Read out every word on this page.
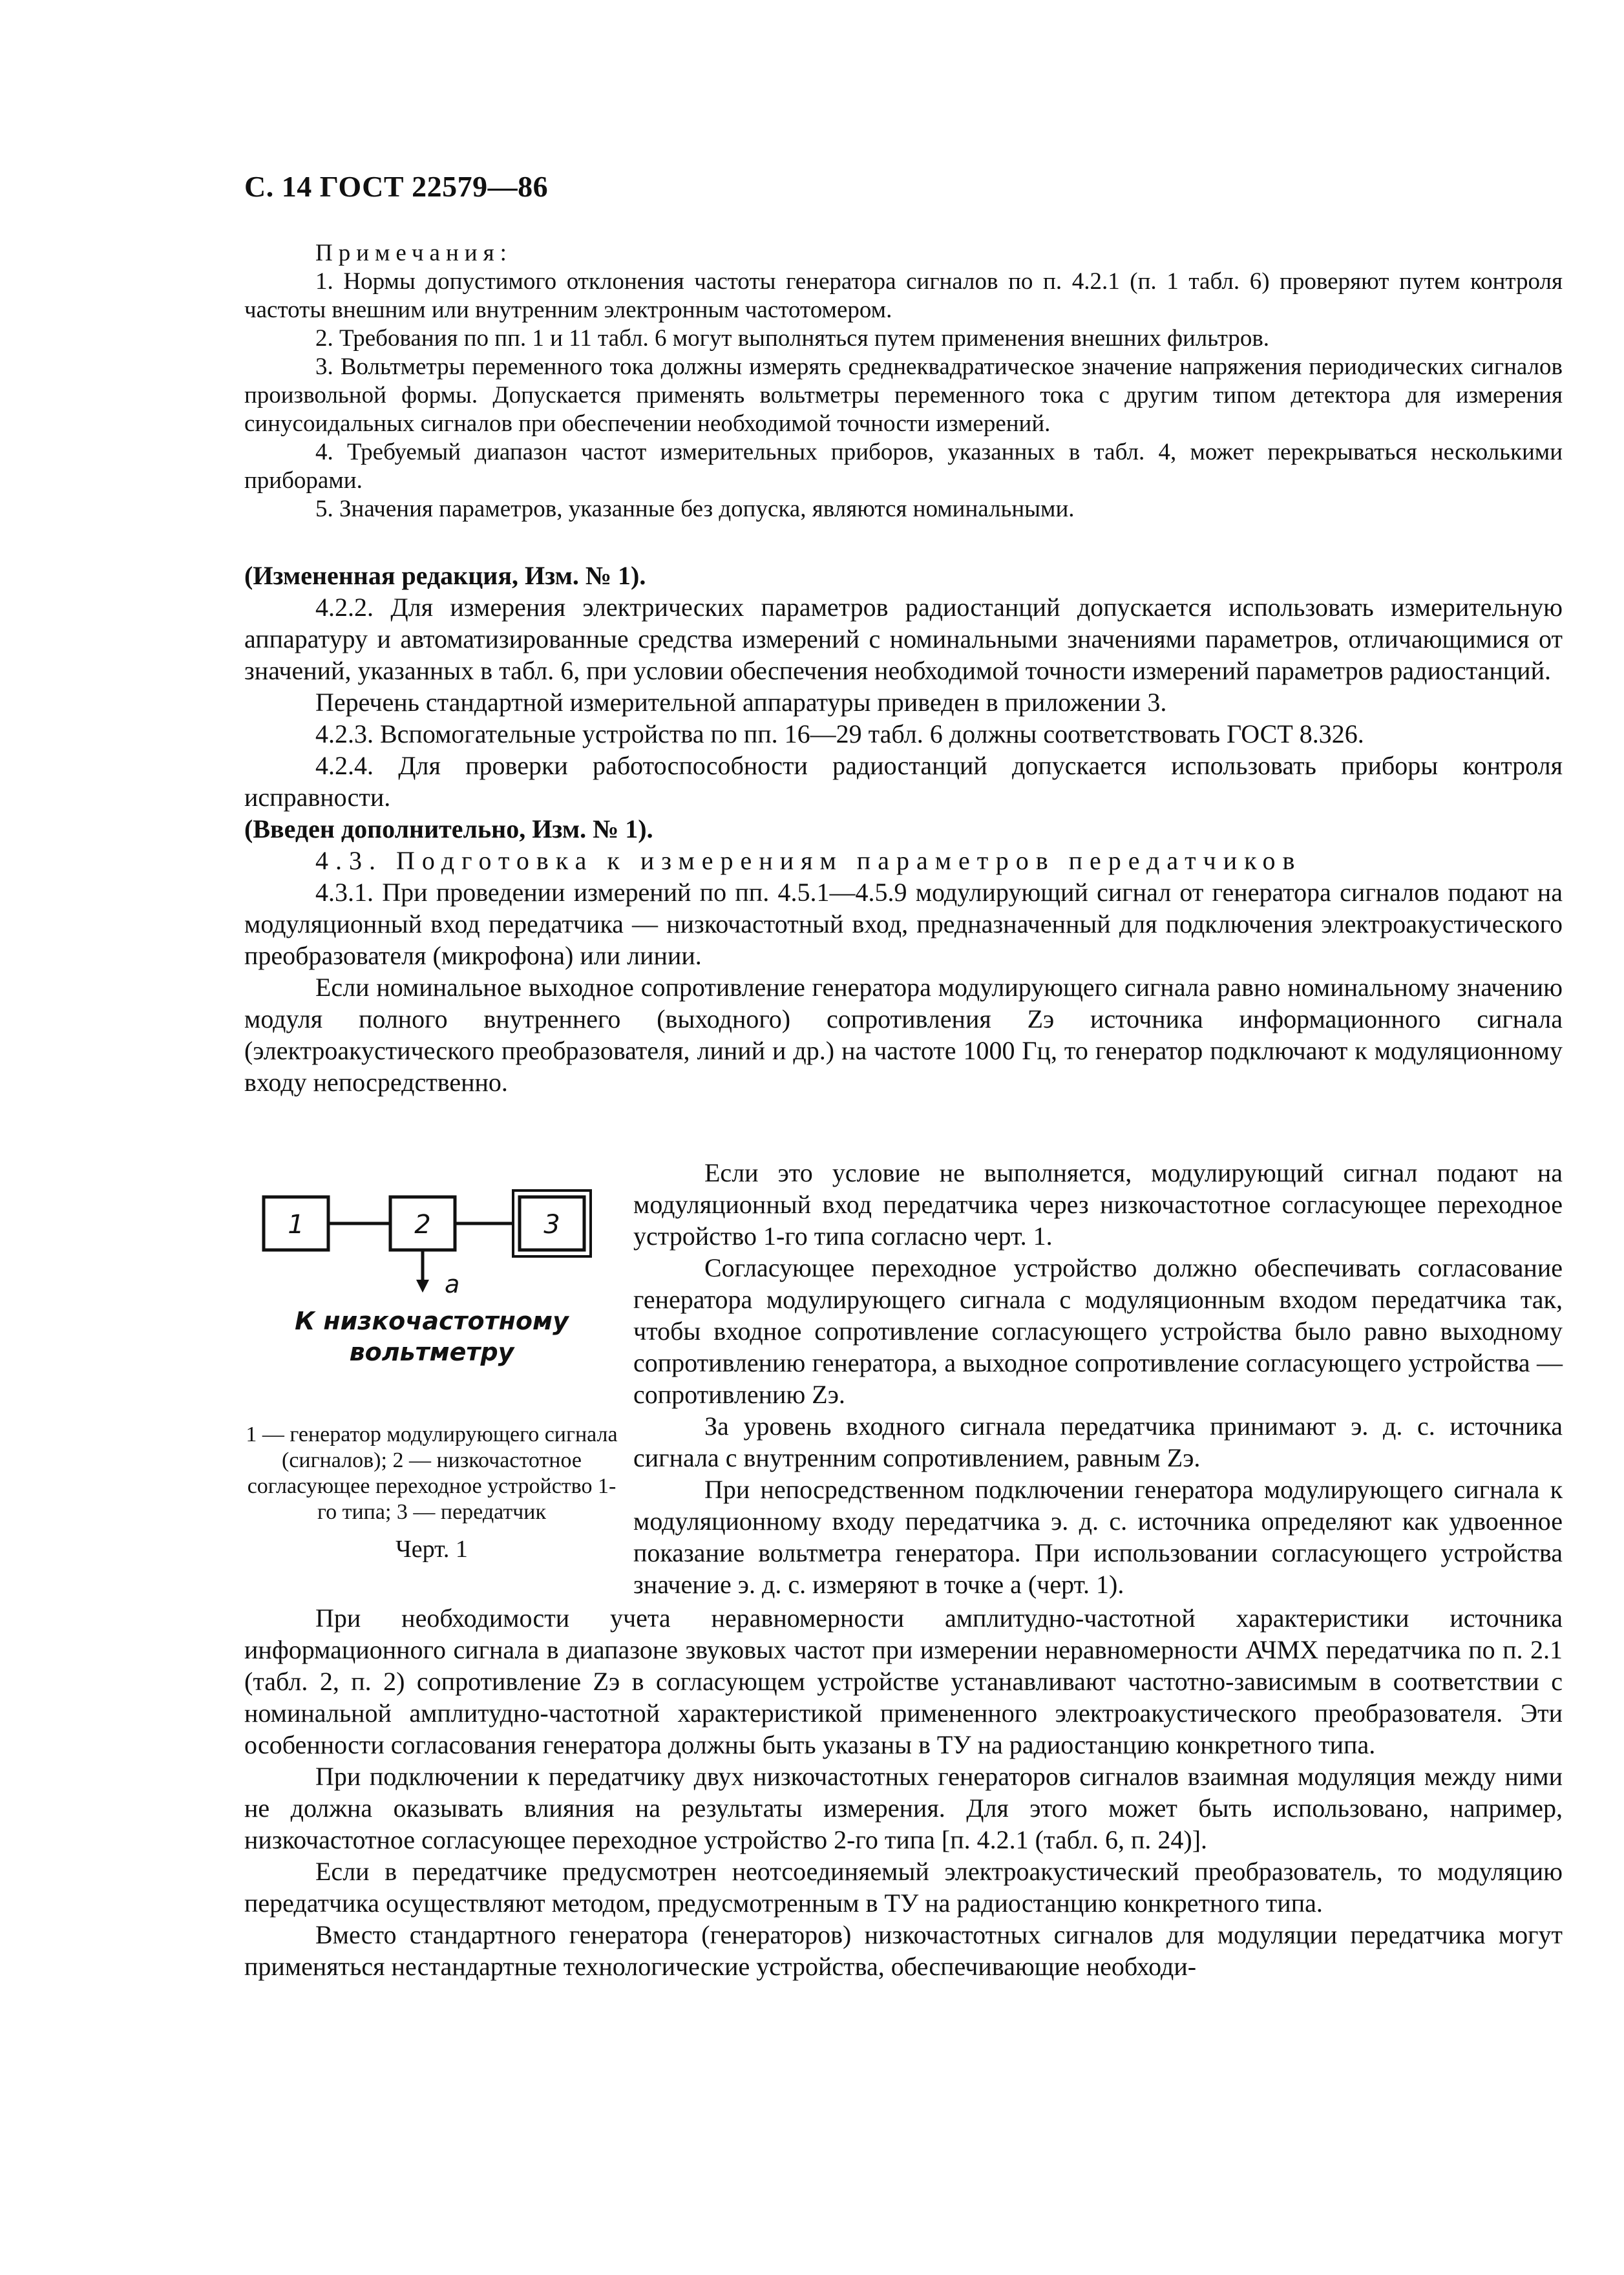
С. 14 ГОСТ 22579—86

Примечания:

1. Нормы допустимого отклонения частоты генератора сигналов по п. 4.2.1 (п. 1 табл. 6) проверяют путем контроля частоты внешним или внутренним электронным частотомером.

2. Требования по пп. 1 и 11 табл. 6 могут выполняться путем применения внешних фильтров.

3. Вольтметры переменного тока должны измерять среднеквадратическое значение напряжения периодических сигналов произвольной формы. Допускается применять вольтметры переменного тока с другим типом детектора для измерения синусоидальных сигналов при обеспечении необходимой точности измерений.

4. Требуемый диапазон частот измерительных приборов, указанных в табл. 4, может перекрываться несколькими приборами.

5. Значения параметров, указанные без допуска, являются номинальными.

(Измененная редакция, Изм. № 1).

4.2.2. Для измерения электрических параметров радиостанций допускается использовать измерительную аппаратуру и автоматизированные средства измерений с номинальными значениями параметров, отличающимися от значений, указанных в табл. 6, при условии обеспечения необходимой точности измерений параметров радиостанций.

Перечень стандартной измерительной аппаратуры приведен в приложении 3.

4.2.3. Вспомогательные устройства по пп. 16—29 табл. 6 должны соответствовать ГОСТ 8.326.

4.2.4. Для проверки работоспособности радиостанций допускается использовать приборы контроля исправности.

(Введен дополнительно, Изм. № 1).

4.3. Подготовка к измерениям параметров передатчиков

4.3.1. При проведении измерений по пп. 4.5.1—4.5.9 модулирующий сигнал от генератора сигналов подают на модуляционный вход передатчика — низкочастотный вход, предназначенный для подключения электроакустического преобразователя (микрофона) или линии.

Если номинальное выходное сопротивление генератора модулирующего сигнала равно номинальному значению модуля полного внутреннего (выходного) сопротивления Zэ источника информационного сигнала (электроакустического преобразователя, линий и др.) на частоте 1000 Гц, то генератор подключают к модуляционному входу непосредственно.

1	2	3
а
К низкочастотному вольтметру
1 — генератор модулирующего сигнала (сигналов); 2 — низкочастотное согласующее переходное устройство 1-го типа; 3 — передатчик
Черт. 1

Если это условие не выполняется, модулирующий сигнал подают на модуляционный вход передатчика через низкочастотное согласующее переходное устройство 1-го типа согласно черт. 1.

Согласующее переходное устройство должно обеспечивать согласование генератора модулирующего сигнала с модуляционным входом передатчика так, чтобы входное сопротивление согласующего устройства было равно выходному сопротивлению генератора, а выходное сопротивление согласующего устройства — сопротивлению Zэ.

За уровень входного сигнала передатчика принимают э. д. с. источника сигнала с внутренним сопротивлением, равным Zэ.

При непосредственном подключении генератора модулирующего сигнала к модуляционному входу передатчика э. д. с. источника определяют как удвоенное показание вольтметра генератора. При использовании согласующего устройства значение э. д. с. измеряют в точке а (черт. 1).

При необходимости учета неравномерности амплитудно-частотной характеристики источника информационного сигнала в диапазоне звуковых частот при измерении неравномерности АЧМХ передатчика по п. 2.1 (табл. 2, п. 2) сопротивление Zэ в согласующем устройстве устанавливают частотно-зависимым в соответствии с номинальной амплитудно-частотной характеристикой примененного электроакустического преобразователя. Эти особенности согласования генератора должны быть указаны в ТУ на радиостанцию конкретного типа.

При подключении к передатчику двух низкочастотных генераторов сигналов взаимная модуляция между ними не должна оказывать влияния на результаты измерения. Для этого может быть использовано, например, низкочастотное согласующее переходное устройство 2-го типа [п. 4.2.1 (табл. 6, п. 24)].

Если в передатчике предусмотрен неотсоединяемый электроакустический преобразователь, то модуляцию передатчика осуществляют методом, предусмотренным в ТУ на радиостанцию конкретного типа.

Вместо стандартного генератора (генераторов) низкочастотных сигналов для модуляции передатчика могут применяться нестандартные технологические устройства, обеспечивающие необходи-
